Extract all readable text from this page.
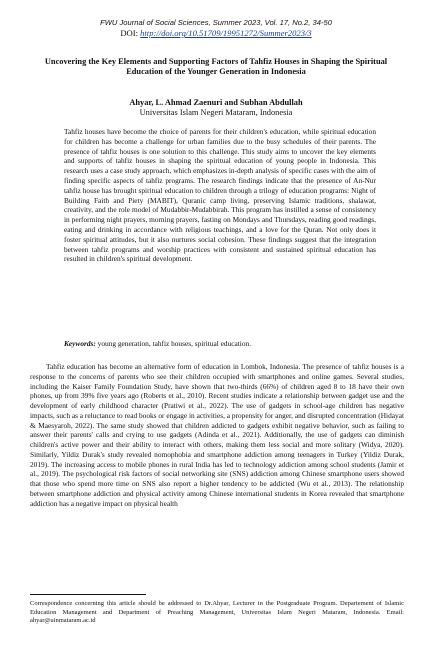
FWU Journal of Social Sciences, Summer 2023, Vol. 17, No.2, 34-50
DOI: http://doi.org/10.51709/19951272/Summer2023/3
Uncovering the Key Elements and Supporting Factors of Tahfiz Houses in Shaping the Spiritual Education of the Younger Generation in Indonesia
Ahyar, L. Ahmad Zaenuri and Subhan Abdullah
Universitas Islam Negeri Mataram, Indonesia

Tahfiz houses have become the choice of parents for their children's education, while spiritual education for children has become a challenge for urban families due to the busy schedules of their parents. The presence of tahfiz houses is one solution to this challenge. This study aims to uncover the key elements and supports of tahfiz houses in shaping the spiritual education of young people in Indonesia. This research uses a case study approach, which emphasizes in-depth analysis of specific cases with the aim of finding specific aspects of tahfiz programs. The research findings indicate that the presence of An-Nur tahfiz house has brought spiritual education to children through a trilogy of education programs: Night of Building Faith and Piety (MABIT), Quranic camp living, preserving Islamic traditions, shalawat, creativity, and the role model of Mudabbir-Mudabbirah. This program has instilled a sense of consistency in performing night prayers, morning prayers, fasting on Mondays and Thursdays, reading good readings, eating and drinking in accordance with religious teachings, and a love for the Quran. Not only does it foster spiritual attitudes, but it also nurtures social cohesion. These findings suggest that the integration between tahfiz programs and worship practices with consistent and sustained spiritual education has resulted in children's spiritual development.

Keywords: young generation, tahfiz houses, spiritual education.

Tahfiz education has become an alternative form of education in Lombok, Indonesia. The presence of tahfiz houses is a response to the concerns of parents who see their children occupied with smartphones and online games. Several studies, including the Kaiser Family Foundation Study, have shown that two-thirds (66%) of children aged 8 to 18 have their own phones, up from 39% five years ago (Roberts et al., 2010). Recent studies indicate a relationship between gadget use and the development of early childhood character (Pratiwi et al., 2022). The use of gadgets in school-age children has negative impacts, such as a reluctance to read books or engage in activities, a propensity for anger, and disrupted concentration (Hidayat & Maesyaroh, 2022). The same study showed that children addicted to gadgets exhibit negative behavior, such as failing to answer their parents' calls and crying to use gadgets (Adinda et al., 2021). Additionally, the use of gadgets can diminish children's active power and their ability to interact with others, making them less social and more solitary (Widya, 2020). Similarly, Yildiz Durak's study revealed nomophobia and smartphone addiction among teenagers in Turkey (Yildiz Durak, 2019). The increasing access to mobile phones in rural India has led to technology addiction among school students (Jamir et al., 2019). The psychological risk factors of social networking site (SNS) addiction among Chinese smartphone users showed that those who spend more time on SNS also report a higher tendency to be addicted (Wu et al., 2013). The relationship between smartphone addiction and physical activity among Chinese international students in Korea revealed that smartphone addiction has a negative impact on physical health

Correspondence concerning this article should be addressed to Dr.Ahyar, Lecturer in the Postgraduate Program. Departement of Islamic Education Management and Department of Preaching Management, Universitas Islam Negeri Mataram, Indonesia. Email: ahyar@uinmataram.ac.id
